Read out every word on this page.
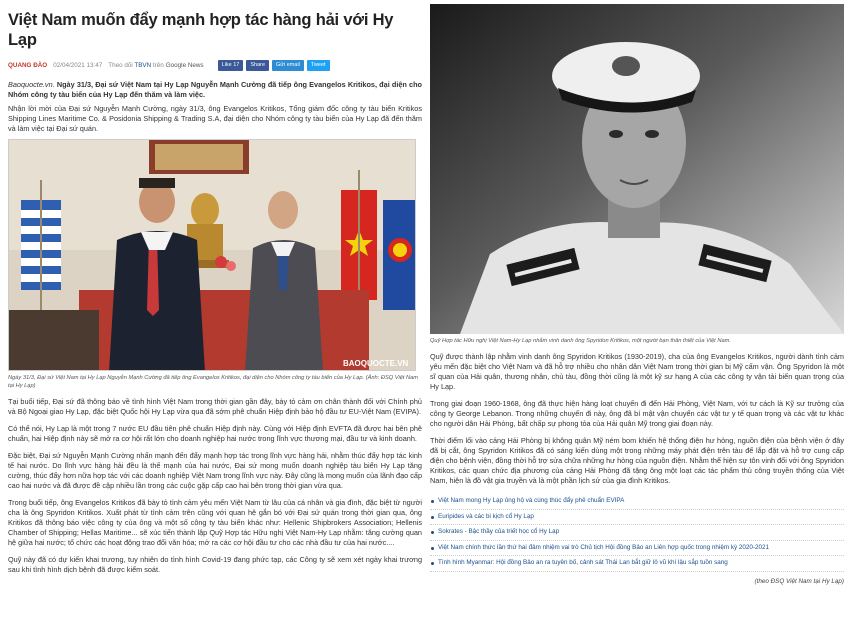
Việt Nam muốn đẩy mạnh hợp tác hàng hải với Hy Lạp
QUANG ĐÀO 02/04/2021 13:47 Theo dõi TBVN trên Google News	Like 17	Share	Gửi email	Tweet

Baoquocte.vn. Ngày 31/3, Đại sứ Việt Nam tại Hy Lạp Nguyễn Mạnh Cường đã tiếp ông Evangelos Kritikos, đại diện cho Nhóm công ty tàu biển của Hy Lạp đến thăm và làm việc.

Nhận lời mời của Đại sứ Nguyễn Mạnh Cường, ngày 31/3, ông Evangelos Kritikos, Tổng giám đốc công ty tàu biển Kritikos Shipping Lines Maritime Co. & Posidonia Shipping & Trading S.A, đại diện cho Nhóm công ty tàu biển của Hy Lạp đã đến thăm và làm việc tại Đại sứ quán.

BAOQUOCTE.VN

Ngày 31/3, Đại sứ Việt Nam tại Hy Lạp Nguyễn Mạnh Cường đã tiếp ông Evangelos Kritikos, đại diện cho Nhóm công ty tàu biển của Hy Lạp. (Ảnh: ĐSQ Việt Nam tại Hy Lạp)

Tại buổi tiếp, Đại sứ đã thông báo về tình hình Việt Nam trong thời gian gần đây, bày tỏ cảm ơn chân thành đối với Chính phủ và Bộ Ngoại giao Hy Lạp, đặc biệt Quốc hội Hy Lạp vừa qua đã sớm phê chuẩn Hiệp định bảo hộ đầu tư EU-Việt Nam (EVIPA).

Có thể nói, Hy Lạp là một trong 7 nước EU đầu tiên phê chuẩn Hiệp định này. Cùng với Hiệp định EVFTA đã được hai bên phê chuẩn, hai Hiệp định này sẽ mở ra cơ hội rất lớn cho doanh nghiệp hai nước trong lĩnh vực thương mại, đầu tư và kinh doanh.

Đặc biệt, Đại sứ Nguyễn Mạnh Cường nhấn mạnh đến đẩy mạnh hợp tác trong lĩnh vực hàng hải, nhằm thúc đẩy hợp tác kinh tế hai nước. Do lĩnh vực hàng hải đều là thế mạnh của hai nước, Đại sứ mong muốn doanh nghiệp tàu biển Hy Lạp tăng cường, thúc đẩy hơn nữa hợp tác với các doanh nghiệp Việt Nam trong lĩnh vực này. Đây cũng là mong muốn của lãnh đạo cấp cao hai nước và đã được đề cập nhiều lần trong các cuộc gặp cấp cao hai bên trong thời gian vừa qua.

Trong buổi tiếp, ông Evangelos Kritikos đã bày tỏ tình cảm yêu mến Việt Nam từ lâu của cá nhân và gia đình, đặc biệt từ người cha là ông Spyridon Kritikos. Xuất phát từ tình cảm trên cũng với quan hệ gắn bó với Đại sứ quán trong thời gian qua, ông Kritikos đã thông báo việc công ty của ông và một số công ty tàu biển khác như: Hellenic Shipbrokers Association; Hellenis Chamber of Shipping; Hellas Maritime... sẽ xúc tiến thành lập Quỹ Hợp tác Hữu nghị Việt Nam-Hy Lạp nhằm: tăng cường quan hệ giữa hai nước; tổ chức các hoạt động trao đổi văn hóa; mở ra các cơ hội đầu tư cho các nhà đầu tư của hai nước....

Quỹ này đã có dự kiến khai trương, tuy nhiên do tình hình Covid-19 đang phức tạp, các Công ty sẽ xem xét ngày khai trương sau khi tình hình dịch bệnh đã được kiểm soát.

Quỹ Hợp tác Hữu nghị Việt Nam-Hy Lạp nhằm vinh danh ông Spyridon Kritikos, một người bạn thân thiết của Việt Nam.

Quỹ được thành lập nhằm vinh danh ông Spyridon Kritikos (1930-2019), cha của ông Evangelos Kritikos, người dành tình cảm yêu mến đặc biệt cho Việt Nam và đã hỗ trợ nhiều cho nhân dân Việt Nam trong thời gian bị Mỹ cấm vận. Ông Spyridon là một sĩ quan của Hải quân, thương nhân, chủ tàu, đồng thời cũng là một kỹ sư hạng A của các công ty vận tải biển quan trọng của Hy Lạp.

Trong giai đoạn 1960-1968, ông đã thực hiện hàng loạt chuyến đi đến Hải Phòng, Việt Nam, với tư cách là Kỹ sư trưởng của công ty George Lebanon. Trong những chuyến đi này, ông đã bí mật vận chuyển các vật tư y tế quan trọng và các vật tư khác cho người dân Hải Phòng, bất chấp sự phong tỏa của Hải quân Mỹ trong giai đoạn này.

Thời điểm lối vào cảng Hải Phòng bị không quân Mỹ ném bom khiến hệ thống điện hư hỏng, nguồn điện của bệnh viện ở đây đã bị cắt, ông Spyridon Kritikos đã có sáng kiến dùng một trong những máy phát điện trên tàu để lắp đặt và hỗ trợ cung cấp điện cho bệnh viện, đồng thời hỗ trợ sửa chữa những hư hỏng của nguồn điện. Nhằm thể hiện sự tôn vinh đối với ông Spyridon Kritikos, các quan chức địa phương của cảng Hải Phòng đã tặng ông một loạt các tác phẩm thủ công truyền thống của Việt Nam, hiện là đồ vật gia truyền và là một phần lịch sử của gia đình Kritikos.

Việt Nam mong Hy Lạp ủng hộ và cùng thúc đẩy phê chuẩn EVIPA
Euripides và các bi kịch cổ Hy Lạp
Sokrates - Bậc thầy của triết học cổ Hy Lạp
Việt Nam chính thức lần thứ hai đảm nhiệm vai trò Chủ tịch Hội đồng Bảo an Liên hợp quốc trong nhiệm kỳ 2020-2021
Tình hình Myanmar: Hội đồng Bảo an ra tuyên bố, cảnh sát Thái Lan bắt giữ lô vũ khí lậu sắp tuồn sang

(theo ĐSQ Việt Nam tại Hy Lạp)
